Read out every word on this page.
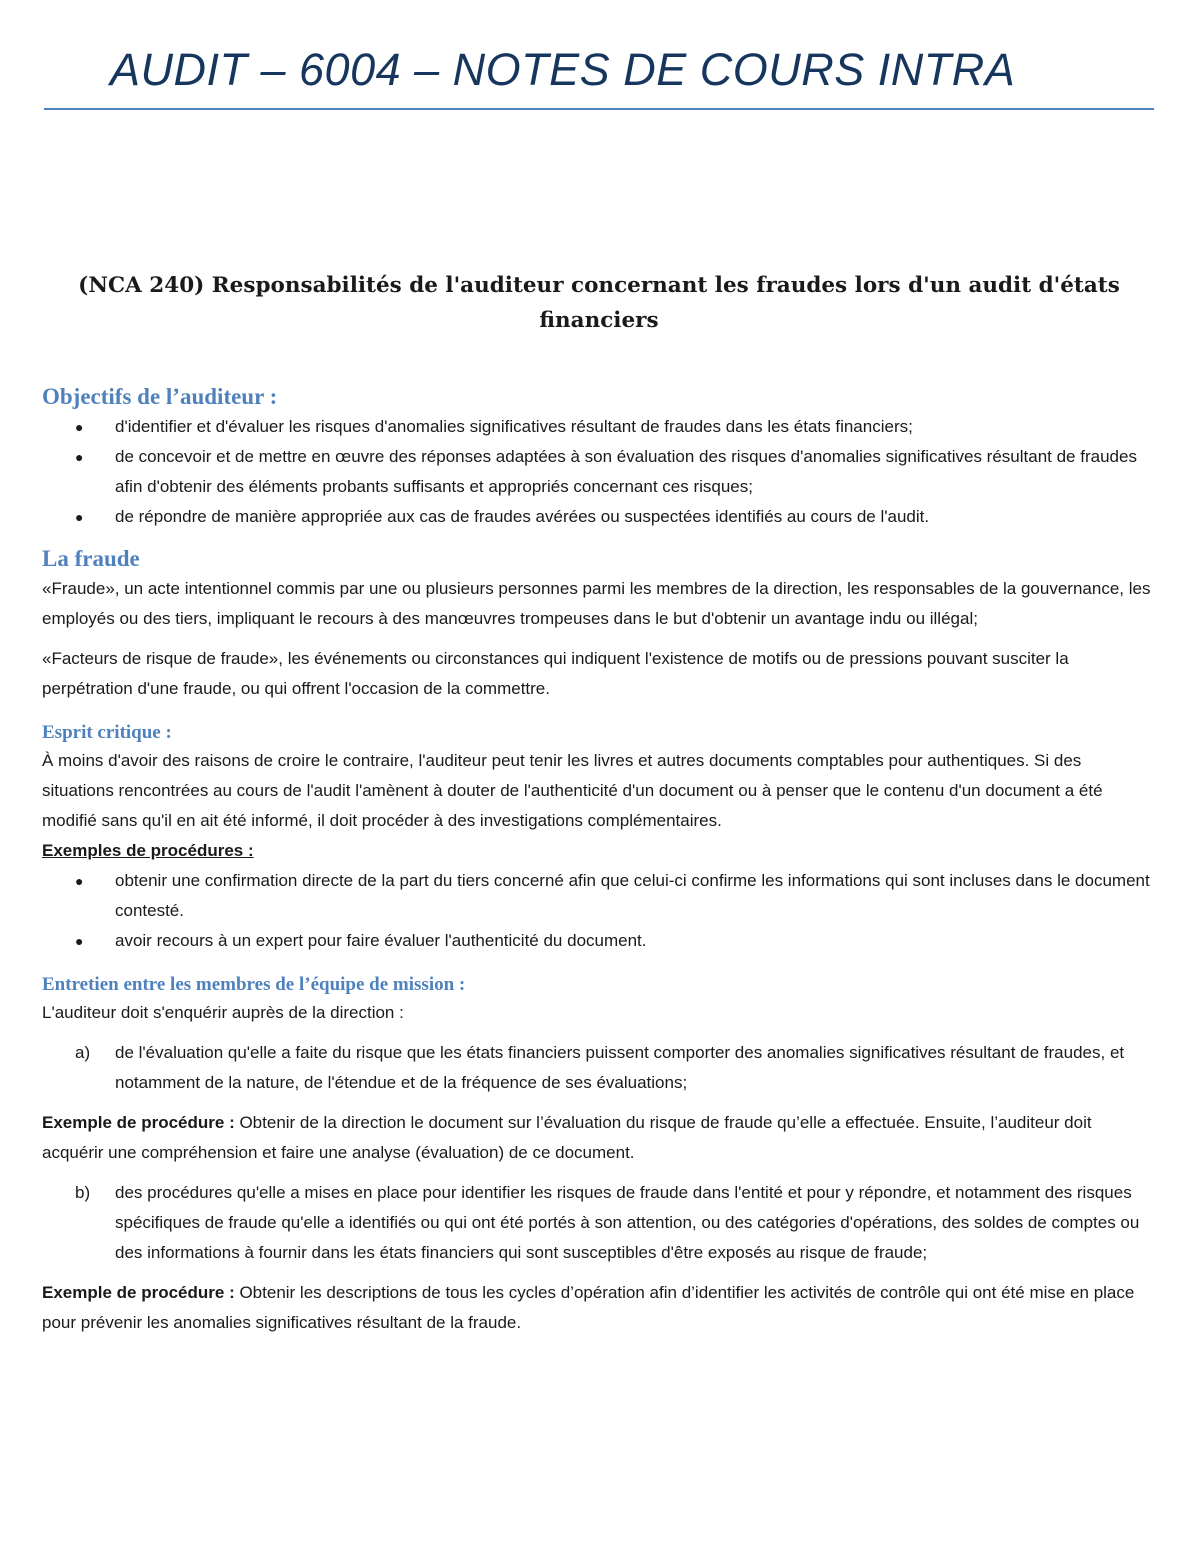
AUDIT – 6004 – NOTES DE COURS INTRA
(NCA 240) Responsabilités de l'auditeur concernant les fraudes lors d'un audit d'états financiers
Objectifs de l’auditeur :
● d'identifier et d'évaluer les risques d'anomalies significatives résultant de fraudes dans les états financiers;
● de concevoir et de mettre en œuvre des réponses adaptées à son évaluation des risques d'anomalies significatives résultant de fraudes afin d'obtenir des éléments probants suffisants et appropriés concernant ces risques;
● de répondre de manière appropriée aux cas de fraudes avérées ou suspectées identifiés au cours de l'audit.
La fraude

«Fraude», un acte intentionnel commis par une ou plusieurs personnes parmi les membres de la direction, les responsables de la gouvernance, les employés ou des tiers, impliquant le recours à des manœuvres trompeuses dans le but d'obtenir un avantage indu ou illégal;

«Facteurs de risque de fraude», les événements ou circonstances qui indiquent l'existence de motifs ou de pressions pouvant susciter la perpétration d'une fraude, ou qui offrent l'occasion de la commettre.

Esprit critique :

À moins d'avoir des raisons de croire le contraire, l'auditeur peut tenir les livres et autres documents comptables pour authentiques. Si des situations rencontrées au cours de l'audit l'amènent à douter de l'authenticité d'un document ou à penser que le contenu d'un document a été modifié sans qu'il en ait été informé, il doit procéder à des investigations complémentaires.

Exemples de procédures :

● obtenir une confirmation directe de la part du tiers concerné afin que celui-ci confirme les informations qui sont incluses dans le document contesté.
● avoir recours à un expert pour faire évaluer l'authenticité du document.
Entretien entre les membres de l’équipe de mission :

L'auditeur doit s'enquérir auprès de la direction :

a) de l'évaluation qu'elle a faite du risque que les états financiers puissent comporter des anomalies significatives résultant de fraudes, et notamment de la nature, de l'étendue et de la fréquence de ses évaluations;

Exemple de procédure : Obtenir de la direction le document sur l’évaluation du risque de fraude qu’elle a effectuée. Ensuite, l’auditeur doit acquérir une compréhension et faire une analyse (évaluation) de ce document.

b) des procédures qu'elle a mises en place pour identifier les risques de fraude dans l'entité et pour y répondre, et notamment des risques spécifiques de fraude qu'elle a identifiés ou qui ont été portés à son attention, ou des catégories d'opérations, des soldes de comptes ou des informations à fournir dans les états financiers qui sont susceptibles d'être exposés au risque de fraude;

Exemple de procédure : Obtenir les descriptions de tous les cycles d’opération afin d’identifier les activités de contrôle qui ont été mise en place pour prévenir les anomalies significatives résultant de la fraude.
